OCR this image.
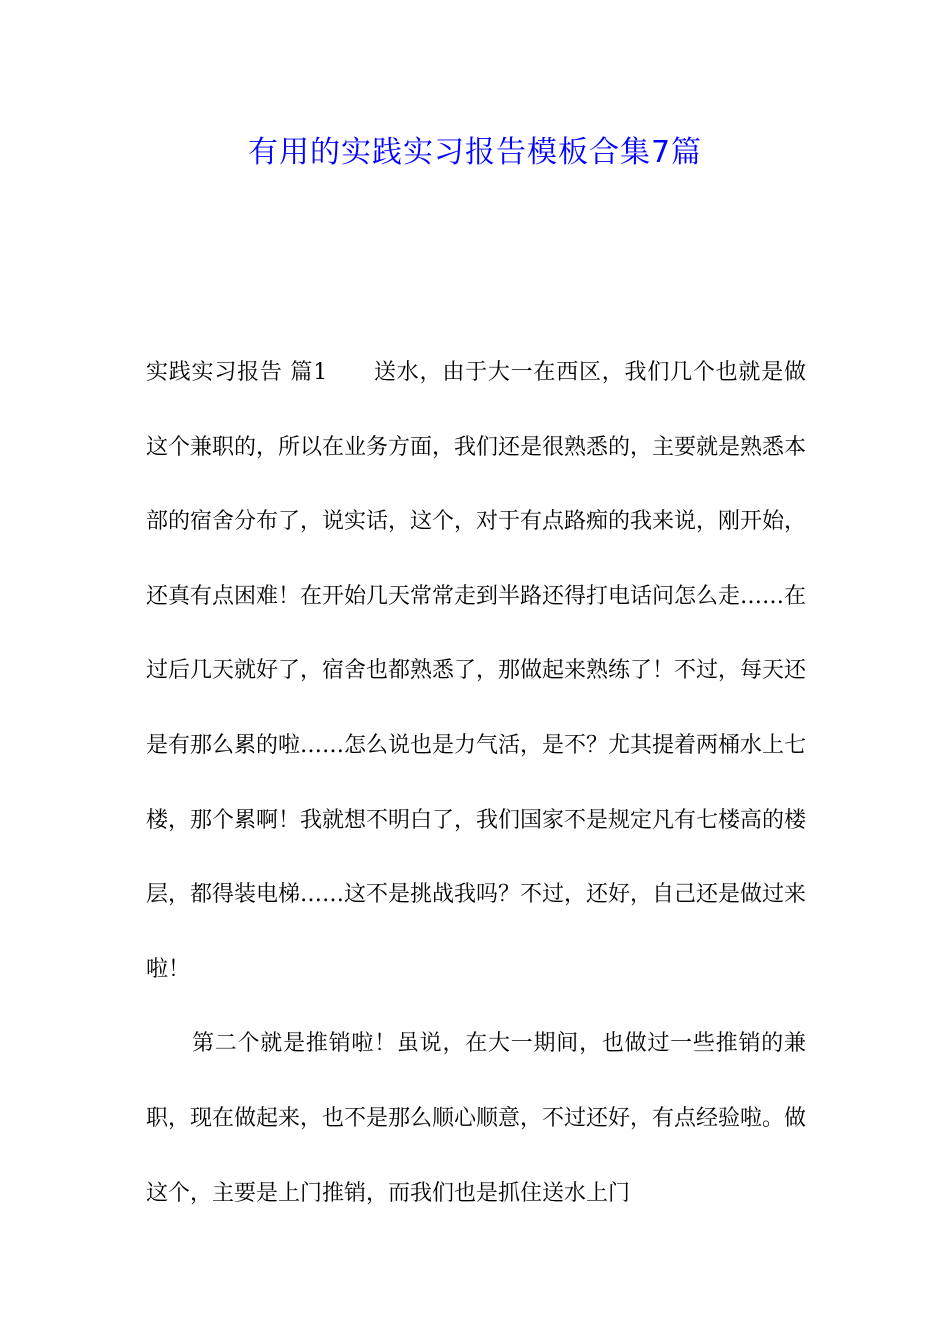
有用的实践实习报告模板合集7篇

实践实习报告 篇1 送水，由于大一在西区，我们几个也就是做这个兼职的，所以在业务方面，我们还是很熟悉的，主要就是熟悉本部的宿舍分布了，说实话，这个，对于有点路痴的我来说，刚开始，还真有点困难！在开始几天常常走到半路还得打电话问怎么走……在过后几天就好了，宿舍也都熟悉了，那做起来熟练了！不过，每天还是有那么累的啦……怎么说也是力气活，是不？尤其提着两桶水上七楼，那个累啊！我就想不明白了，我们国家不是规定凡有七楼高的楼层，都得装电梯……这不是挑战我吗？不过，还好，自己还是做过来啦！

第二个就是推销啦！虽说，在大一期间，也做过一些推销的兼职，现在做起来，也不是那么顺心顺意，不过还好，有点经验啦。做这个，主要是上门推销，而我们也是抓住送水上门
